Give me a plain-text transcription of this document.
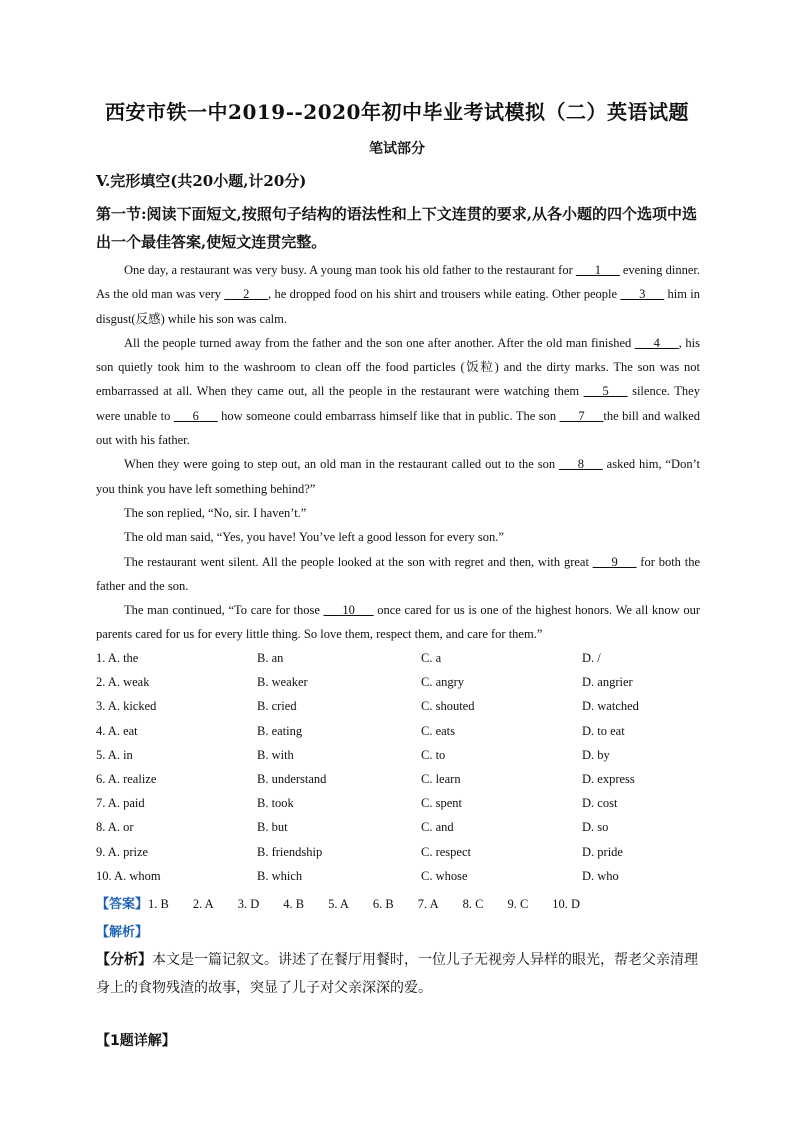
西安市铁一中2019--2020年初中毕业考试模拟（二）英语试题
笔试部分
V.完形填空(共20小题,计20分)
第一节:阅读下面短文,按照句子结构的语法性和上下文连贯的要求,从各小题的四个选项中选出一个最佳答案,使短文连贯完整。

One day, a restaurant was very busy. A young man took his old father to the restaurant for ___1___ evening dinner. As the old man was very ___2___, he dropped food on his shirt and trousers while eating. Other people ___3___ him in disgust(反感) while his son was calm.

All the people turned away from the father and the son one after another. After the old man finished ___4___, his son quietly took him to the washroom to clean off the food particles (饭粒) and the dirty marks. The son was not embarrassed at all. When they came out, all the people in the restaurant were watching them ___5___ silence. They were unable to ___6___ how someone could embarrass himself like that in public. The son ___7___the bill and walked out with his father.

When they were going to step out, an old man in the restaurant called out to the son ___8___ asked him, “Don’t you think you have left something behind?”

The son replied, “No, sir. I haven’t.”

The old man said, “Yes, you have! You’ve left a good lesson for every son.”

The restaurant went silent. All the people looked at the son with regret and then, with great ___9___ for both the father and the son.

The man continued, “To care for those ___10___ once cared for us is one of the highest honors. We all know our parents cared for us for every little thing. So love them, respect them, and care for them.”

1. A. the	B. an	C. a	D. /
2. A. weak	B. weaker	C. angry	D. angrier
3. A. kicked	B. cried	C. shouted	D. watched
4. A. eat	B. eating	C. eats	D. to eat
5. A. in	B. with	C. to	D. by
6. A. realize	B. understand	C. learn	D. express
7. A. paid	B. took	C. spent	D. cost
8. A. or	B. but	C. and	D. so
9. A. prize	B. friendship	C. respect	D. pride
10. A. whom	B. which	C. whose	D. who
【答案】1. B 2. A 3. D 4. B 5. A 6. B 7. A 8. C 9. C 10. D
【解析】
【分析】本文是一篇记叙文。讲述了在餐厅用餐时，一位儿子无视旁人异样的眼光，帮老父亲清理身上的食物残渣的故事，突显了儿子对父亲深深的爱。
【1题详解】
